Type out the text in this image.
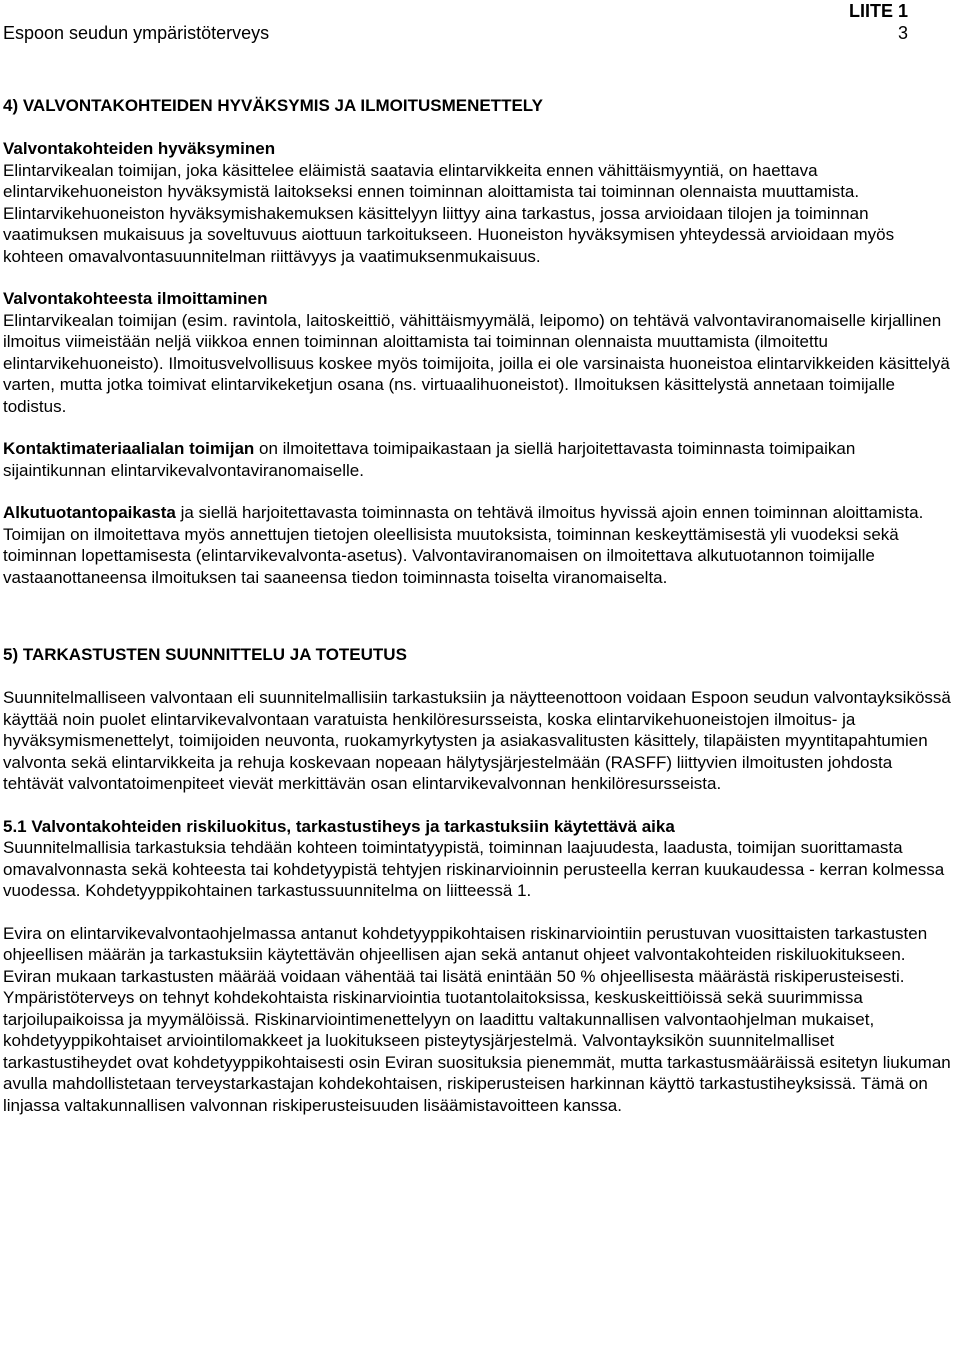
LIITE 1
Espoon seudun ympäristöterveys	3
4) VALVONTAKOHTEIDEN HYVÄKSYMIS JA ILMOITUSMENETTELY

Valvontakohteiden hyväksyminen

Elintarvikealan toimijan, joka käsittelee eläimistä saatavia elintarvikkeita ennen vähittäismyyntiä, on haettava elintarvikehuoneiston hyväksymistä laitokseksi ennen toiminnan aloittamista tai toiminnan olennaista muuttamista. Elintarvikehuoneiston hyväksymishakemuksen käsittelyyn liittyy aina tarkastus, jossa arvioidaan tilojen ja toiminnan vaatimuksen mukaisuus ja soveltuvuus aiottuun tarkoitukseen. Huoneiston hyväksymisen yhteydessä arvioidaan myös kohteen omavalvontasuunnitelman riittävyys ja vaatimuksenmukaisuus.

Valvontakohteesta ilmoittaminen

Elintarvikealan toimijan (esim. ravintola, laitoskeittiö, vähittäismyymälä, leipomo) on tehtävä valvontaviranomaiselle kirjallinen ilmoitus viimeistään neljä viikkoa ennen toiminnan aloittamista tai toiminnan olennaista muuttamista (ilmoitettu elintarvikehuoneisto). Ilmoitusvelvollisuus koskee myös toimijoita, joilla ei ole varsinaista huoneistoa elintarvikkeiden käsittelyä varten, mutta jotka toimivat elintarvikeketjun osana (ns. virtuaalihuoneistot). Ilmoituksen käsittelystä annetaan toimijalle todistus.

Kontaktimateriaalialan toimijan on ilmoitettava toimipaikastaan ja siellä harjoitettavasta toiminnasta toimipaikan sijaintikunnan elintarvikevalvontaviranomaiselle.

Alkutuotantopaikasta ja siellä harjoitettavasta toiminnasta on tehtävä ilmoitus hyvissä ajoin ennen toiminnan aloittamista. Toimijan on ilmoitettava myös annettujen tietojen oleellisista muutoksista, toiminnan keskeyttämisestä yli vuodeksi sekä toiminnan lopettamisesta (elintarvikevalvonta-asetus). Valvontaviranomaisen on ilmoitettava alkutuotannon toimijalle vastaanottaneensa ilmoituksen tai saaneensa tiedon toiminnasta toiselta viranomaiselta.

5) TARKASTUSTEN SUUNNITTELU JA TOTEUTUS

Suunnitelmalliseen valvontaan eli suunnitelmallisiin tarkastuksiin ja näytteenottoon voidaan Espoon seudun valvontayksikössä käyttää noin puolet elintarvikevalvontaan varatuista henkilöresursseista, koska elintarvikehuoneistojen ilmoitus- ja hyväksymismenettelyt, toimijoiden neuvonta, ruokamyrkytysten ja asiakasvalitusten käsittely, tilapäisten myyntitapahtumien valvonta sekä elintarvikkeita ja rehuja koskevaan nopeaan hälytysjärjestelmään (RASFF) liittyvien ilmoitusten johdosta tehtävät valvontatoimenpiteet vievät merkittävän osan elintarvikevalvonnan henkilöresursseista.

5.1 Valvontakohteiden riskiluokitus, tarkastustiheys ja tarkastuksiin käytettävä aika

Suunnitelmallisia tarkastuksia tehdään kohteen toimintatyypistä, toiminnan laajuudesta, laadusta, toimijan suorittamasta omavalvonnasta sekä kohteesta tai kohdetyypistä tehtyjen riskinarvioinnin perusteella kerran kuukaudessa - kerran kolmessa vuodessa. Kohdetyyppikohtainen tarkastussuunnitelma on liitteessä 1.

Evira on elintarvikevalvontaohjelmassa antanut kohdetyyppikohtaisen riskinarviointiin perustuvan vuosittaisten tarkastusten ohjeellisen määrän ja tarkastuksiin käytettävän ohjeellisen ajan sekä antanut ohjeet valvontakohteiden riskiluokitukseen. Eviran mukaan tarkastusten määrää voidaan vähentää tai lisätä enintään 50 % ohjeellisesta määrästä riskiperusteisesti. Ympäristöterveys on tehnyt kohdekohtaista riskinarviointia tuotantolaitoksissa, keskuskeittiöissä sekä suurimmissa tarjoilupaikoissa ja myymälöissä. Riskinarviointimenettelyyn on laadittu valtakunnallisen valvontaohjelman mukaiset, kohdetyyppikohtaiset arviointilomakkeet ja luokitukseen pisteytysjärjestelmä. Valvontayksikön suunnitelmalliset tarkastustiheydet ovat kohdetyyppikohtaisesti osin Eviran suosituksia pienemmät, mutta tarkastusmääräissä esitetyn liukuman avulla mahdollistetaan terveystarkastajan kohdekohtaisen, riskiperusteisen harkinnan käyttö tarkastustiheyksissä. Tämä on linjassa valtakunnallisen valvonnan riskiperusteisuuden lisäämistavoitteen kanssa.
